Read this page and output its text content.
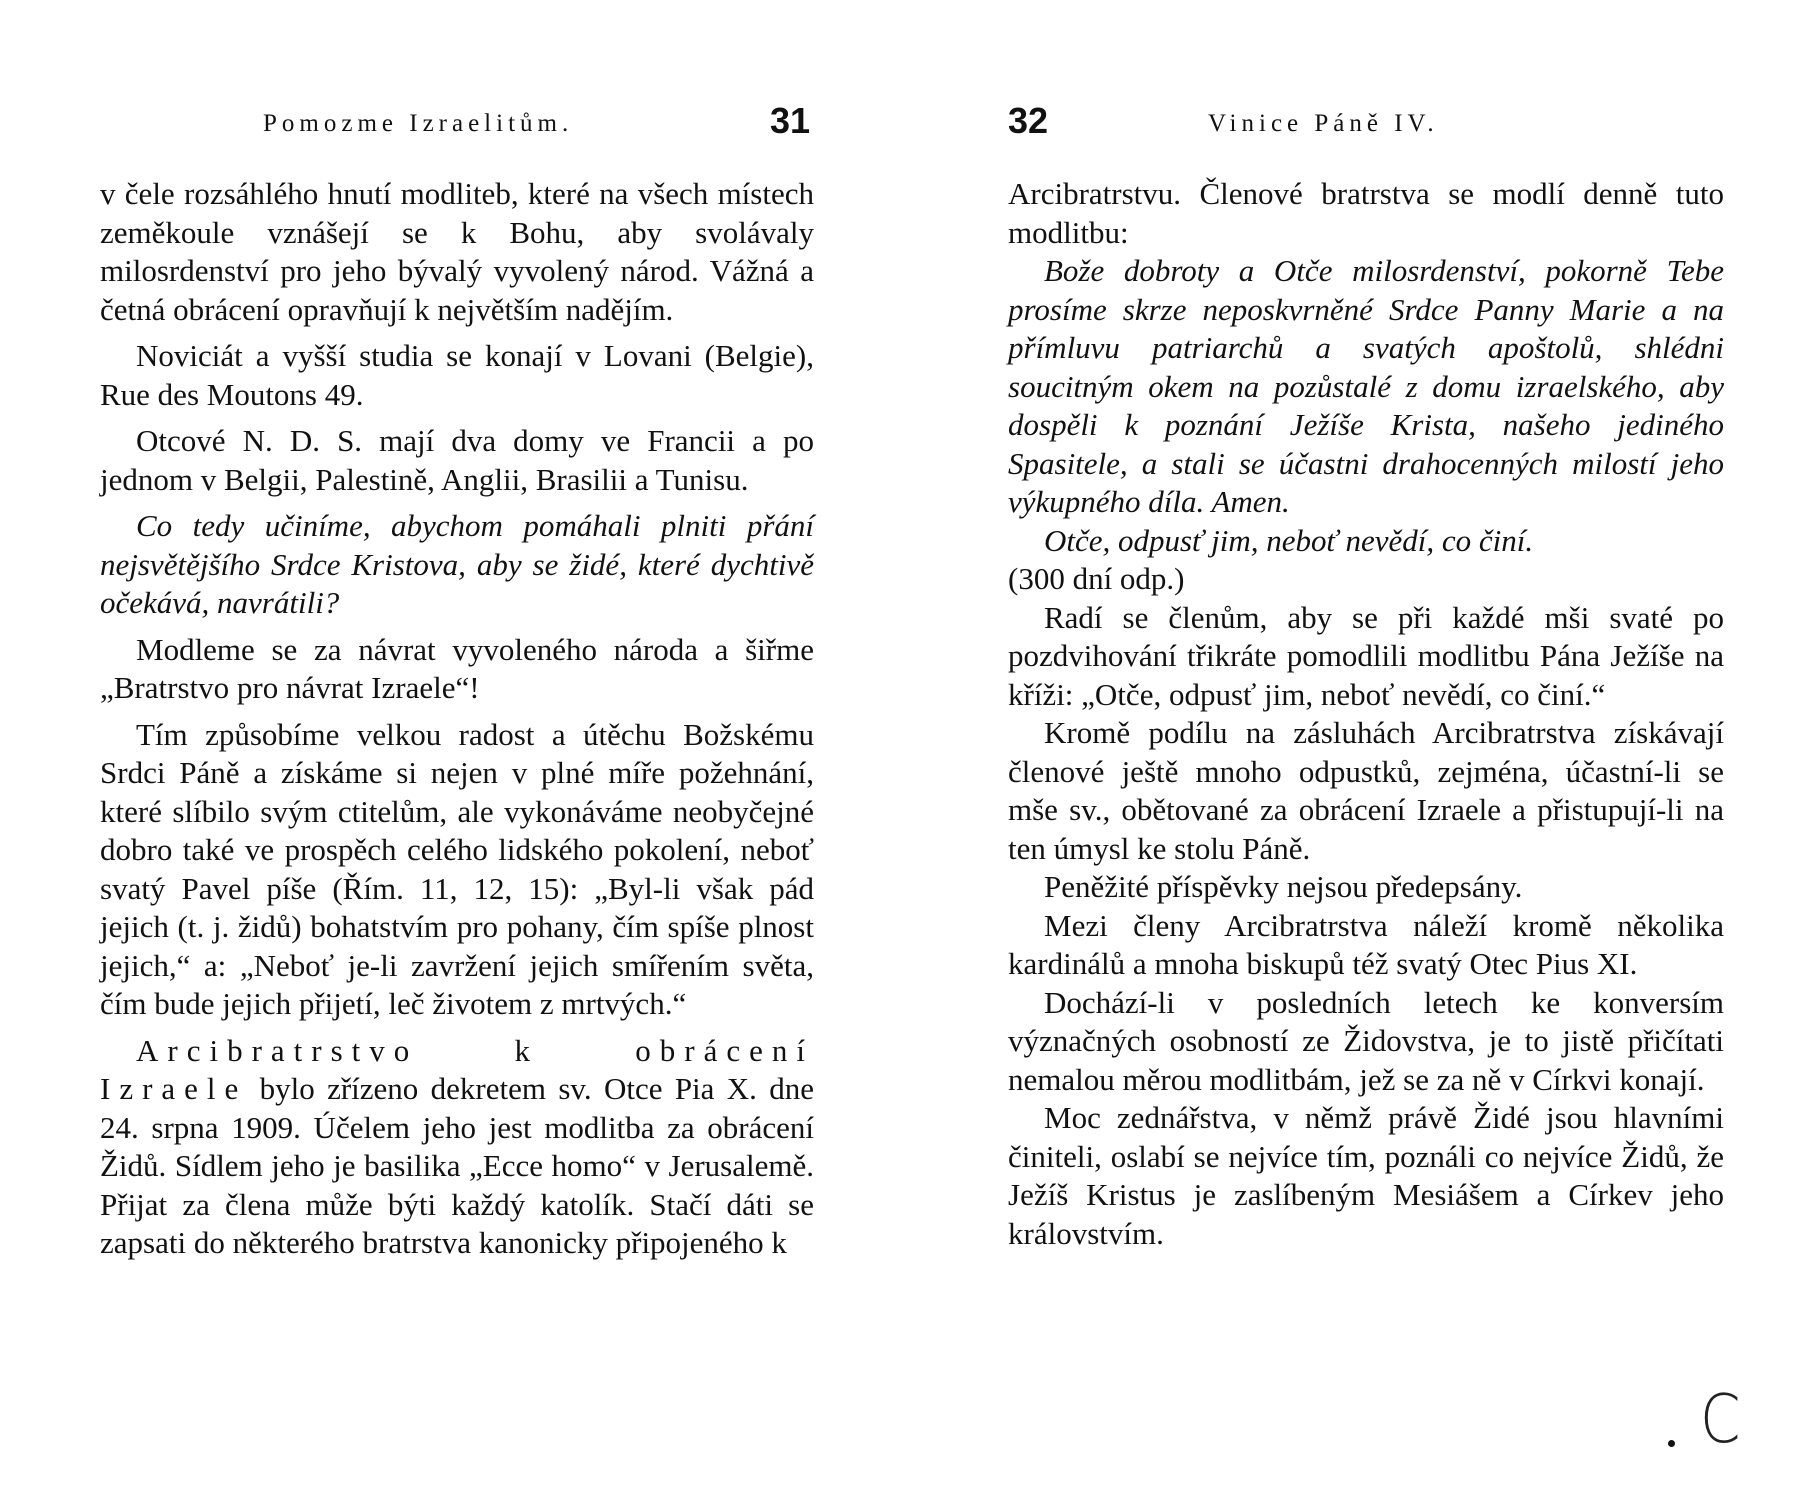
Pomozme Izraelitům.	31

v čele rozsáhlého hnutí modliteb, které na všech místech zeměkoule vznášejí se k Bohu, aby svolávaly milosrdenství pro jeho bývalý vyvolený národ. Vážná a četná obrácení opravňují k největším nadějím.

Noviciát a vyšší studia se konají v Lovani (Belgie), Rue des Moutons 49.

Otcové N. D. S. mají dva domy ve Francii a po jednom v Belgii, Palestině, Anglii, Brasilii a Tunisu.

Co tedy učiníme, abychom pomáhali plniti přání nejsvětějšího Srdce Kristova, aby se židé, které dychtivě očekává, navrátili?

Modleme se za návrat vyvoleného národa a šiřme „Bratrstvo pro návrat Izraele“!

Tím způsobíme velkou radost a útěchu Božskému Srdci Páně a získáme si nejen v plné míře požehnání, které slíbilo svým ctitelům, ale vykonáváme neobyčejné dobro také ve prospěch celého lidského pokolení, neboť svatý Pavel píše (Řím. 11, 12, 15): „Byl-li však pád jejich (t. j. židů) bohatstvím pro pohany, čím spíše plnost jejich,“ a: „Neboť je-li zavržení jejich smířením světa, čím bude jejich přijetí, leč životem z mrtvých.“

Arcibratrstvo k obrácení Izraele bylo zřízeno dekretem sv. Otce Pia X. dne 24. srpna 1909. Účelem jeho jest modlitba za obrácení Židů. Sídlem jeho je basilika „Ecce homo“ v Jerusalemě. Přijat za člena může býti každý katolík. Stačí dáti se zapsati do některého bratrstva kanonicky připojeného k

32	Vinice Páně IV.

Arcibratrstvu. Členové bratrstva se modlí denně tuto modlitbu:

Bože dobroty a Otče milosrdenství, pokorně Tebe prosíme skrze neposkvrněné Srdce Panny Marie a na přímluvu patriarchů a svatých apoštolů, shlédni soucitným okem na pozůstalé z domu izraelského, aby dospěli k poznání Ježíše Krista, našeho jediného Spasitele, a stali se účastni drahocenných milostí jeho výkupného díla. Amen.

Otče, odpusť jim, neboť nevědí, co činí.

(300 dní odp.)

Radí se členům, aby se při každé mši svaté po pozdvihování třikráte pomodlili modlitbu Pána Ježíše na kříži: „Otče, odpusť jim, neboť nevědí, co činí.“

Kromě podílu na zásluhách Arcibratrstva získávají členové ještě mnoho odpustků, zejména, účastní-li se mše sv., obětované za obrácení Izraele a přistupují-li na ten úmysl ke stolu Páně.

Peněžité příspěvky nejsou předepsány.

Mezi členy Arcibratrstva náleží kromě několika kardinálů a mnoha biskupů též svatý Otec Pius XI.

Dochází-li v posledních letech ke konversím význačných osobností ze Židovstva, je to jistě přičítati nemalou měrou modlitbám, jež se za ně v Církvi konají.

Moc zednářstva, v němž právě Židé jsou hlavními činiteli, oslabí se nejvíce tím, poználi co nejvíce Židů, že Ježíš Kristus je zaslíbeným Mesiášem a Církev jeho královstvím.

C
